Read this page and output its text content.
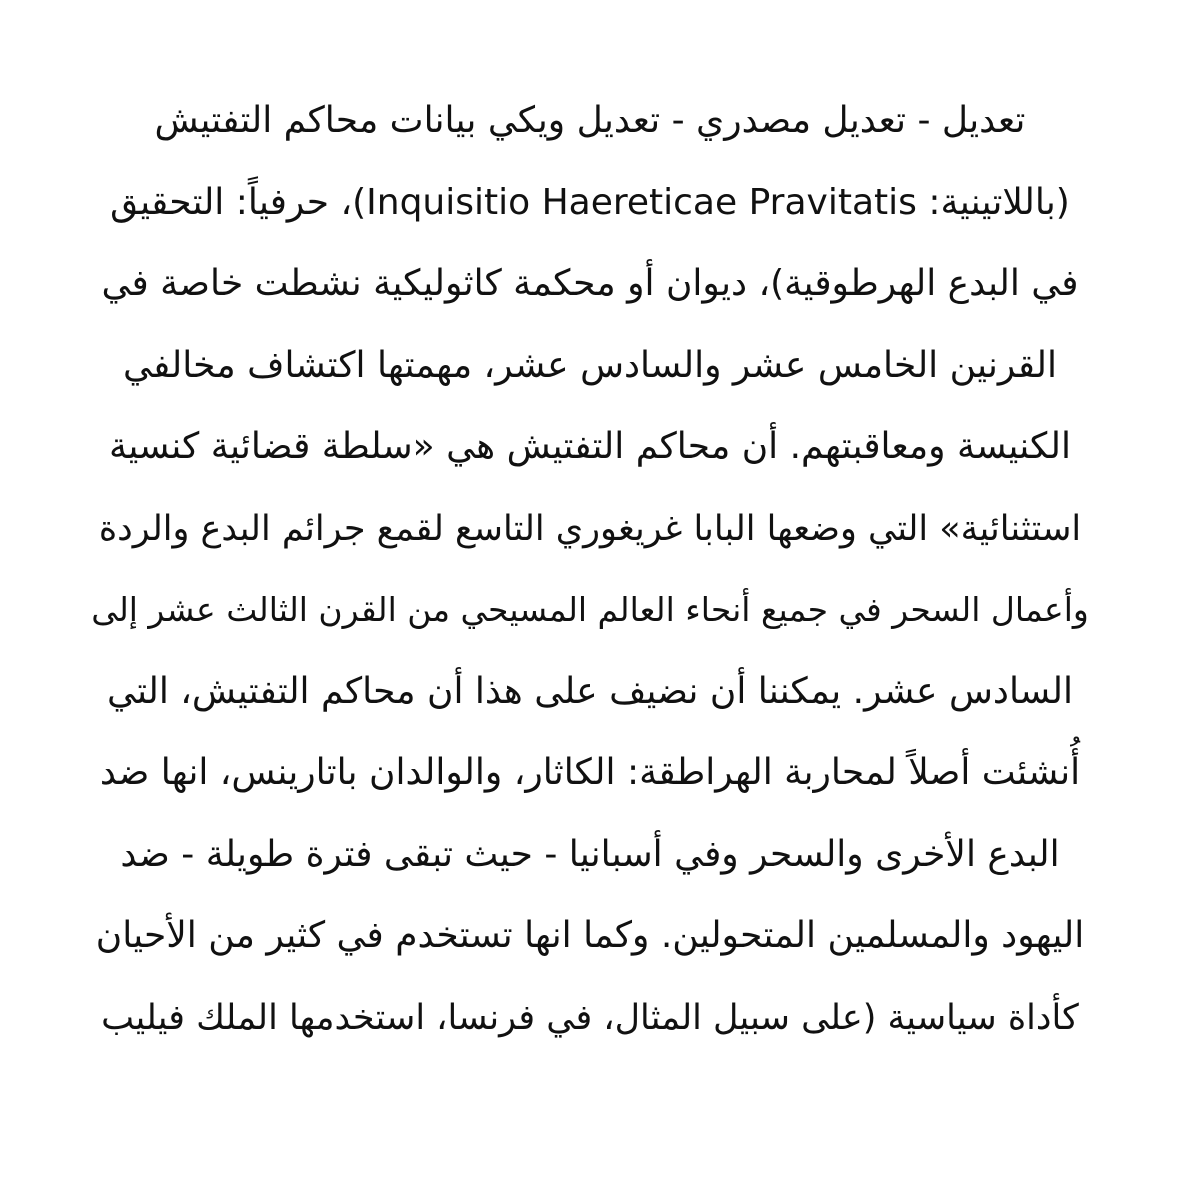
تعديل - تعديل مصدري - تعديل ويكي بيانات محاكم التفتيش
(باللاتينية: Inquisitio Haereticae Pravitatis)، حرفياً: التحقيق
في البدع الهرطوقية)، ديوان أو محكمة كاثوليكية نشطت خاصة في
القرنين الخامس عشر والسادس عشر، مهمتها اكتشاف مخالفي
الكنيسة ومعاقبتهم. أن محاكم التفتيش هي «سلطة قضائية كنسية
استثنائية» التي وضعها البابا غريغوري التاسع لقمع جرائم البدع والردة
وأعمال السحر في جميع أنحاء العالم المسيحي من القرن الثالث عشر إلى
السادس عشر. يمكننا أن نضيف على هذا أن محاكم التفتيش، التي
أُنشئت أصلاً لمحاربة الهراطقة: الكاثار، والوالدان باتارينس، انها ضد
البدع الأخرى والسحر وفي أسبانيا - حيث تبقى فترة طويلة - ضد
اليهود والمسلمين المتحولين. وكما انها تستخدم في كثير من الأحيان
كأداة سياسية (على سبيل المثال، في فرنسا، استخدمها الملك فيليب
